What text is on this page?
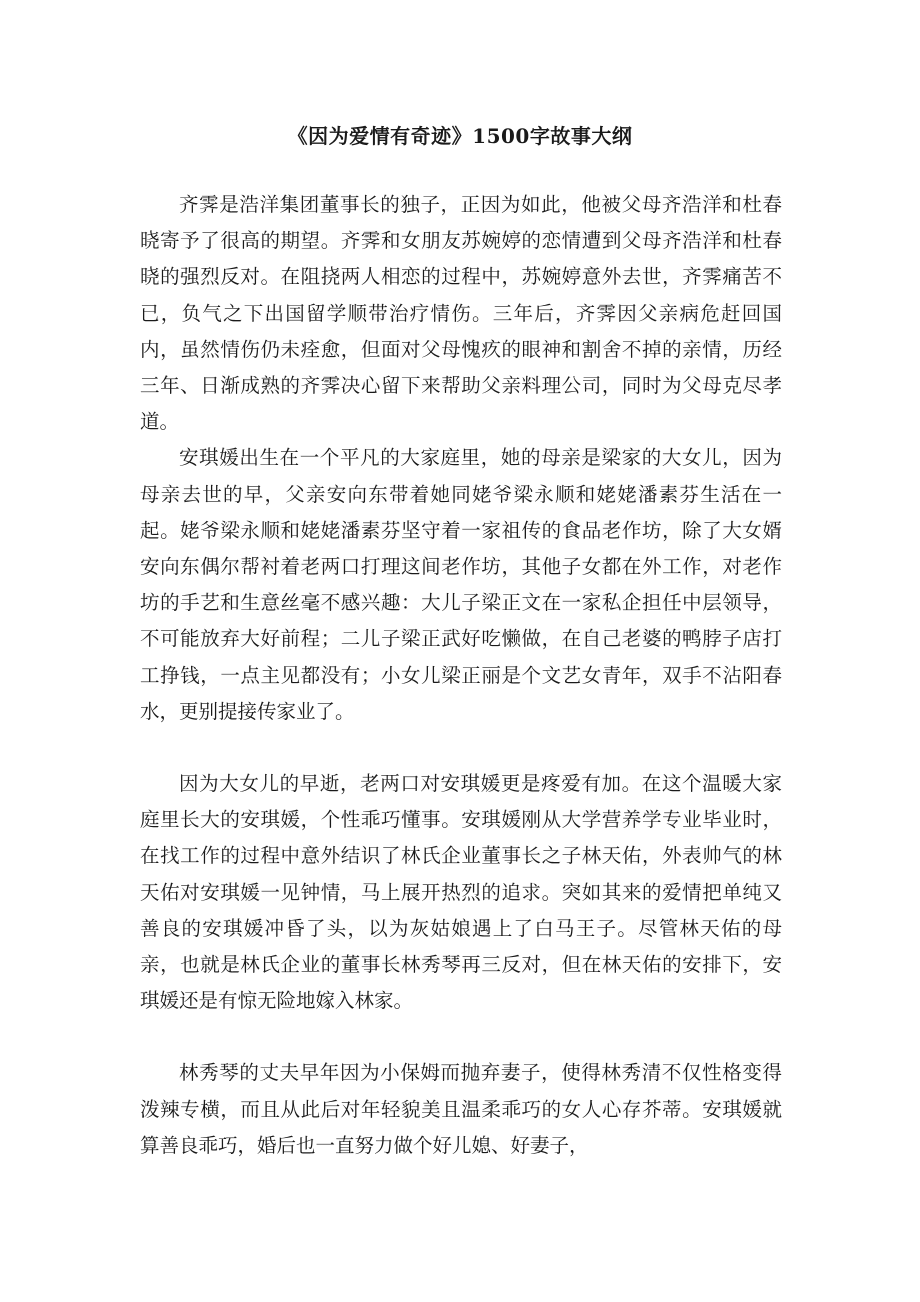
《因为爱情有奇迹》1500字故事大纲

齐霁是浩洋集团董事长的独子，正因为如此，他被父母齐浩洋和杜春晓寄予了很高的期望。齐霁和女朋友苏婉婷的恋情遭到父母齐浩洋和杜春晓的强烈反对。在阻挠两人相恋的过程中，苏婉婷意外去世，齐霁痛苦不已，负气之下出国留学顺带治疗情伤。三年后，齐霁因父亲病危赶回国内，虽然情伤仍未痊愈，但面对父母愧疚的眼神和割舍不掉的亲情，历经三年、日渐成熟的齐霁决心留下来帮助父亲料理公司，同时为父母克尽孝道。

安琪媛出生在一个平凡的大家庭里，她的母亲是梁家的大女儿，因为母亲去世的早，父亲安向东带着她同姥爷梁永顺和姥姥潘素芬生活在一起。姥爷梁永顺和姥姥潘素芬坚守着一家祖传的食品老作坊，除了大女婿安向东偶尔帮衬着老两口打理这间老作坊，其他子女都在外工作，对老作坊的手艺和生意丝毫不感兴趣：大儿子梁正文在一家私企担任中层领导，不可能放弃大好前程；二儿子梁正武好吃懒做，在自己老婆的鸭脖子店打工挣钱，一点主见都没有；小女儿梁正丽是个文艺女青年，双手不沾阳春水，更别提接传家业了。

因为大女儿的早逝，老两口对安琪媛更是疼爱有加。在这个温暖大家庭里长大的安琪媛，个性乖巧懂事。安琪媛刚从大学营养学专业毕业时，在找工作的过程中意外结识了林氏企业董事长之子林天佑，外表帅气的林天佑对安琪媛一见钟情，马上展开热烈的追求。突如其来的爱情把单纯又善良的安琪媛冲昏了头，以为灰姑娘遇上了白马王子。尽管林天佑的母亲，也就是林氏企业的董事长林秀琴再三反对，但在林天佑的安排下，安琪媛还是有惊无险地嫁入林家。

林秀琴的丈夫早年因为小保姆而抛弃妻子，使得林秀清不仅性格变得泼辣专横，而且从此后对年轻貌美且温柔乖巧的女人心存芥蒂。安琪媛就算善良乖巧，婚后也一直努力做个好儿媳、好妻子，
